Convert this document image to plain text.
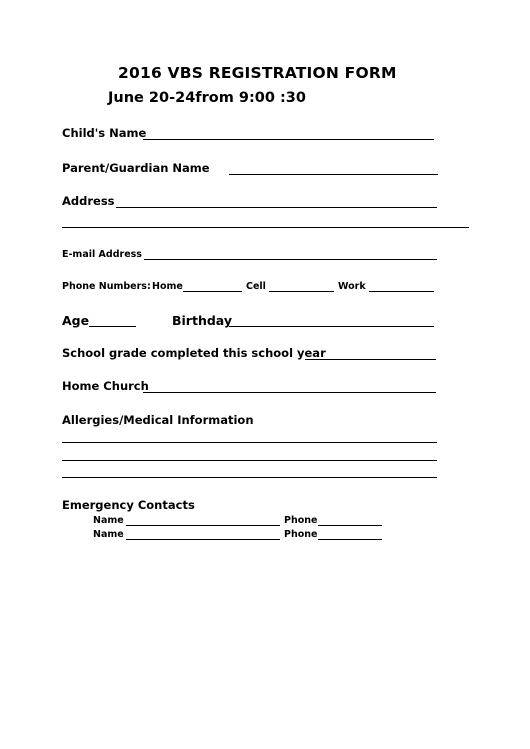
2016 VBS REGISTRATION FORM
June 20-24from 9:00 :30
Child's Name
Parent/Guardian Name
Address
E-mail Address
Phone Numbers: Home	Cell	Work
Age	Birthday
School grade completed this school year
Home Church
Allergies/Medical Information
Emergency Contacts
Name	Phone
Name	Phone
